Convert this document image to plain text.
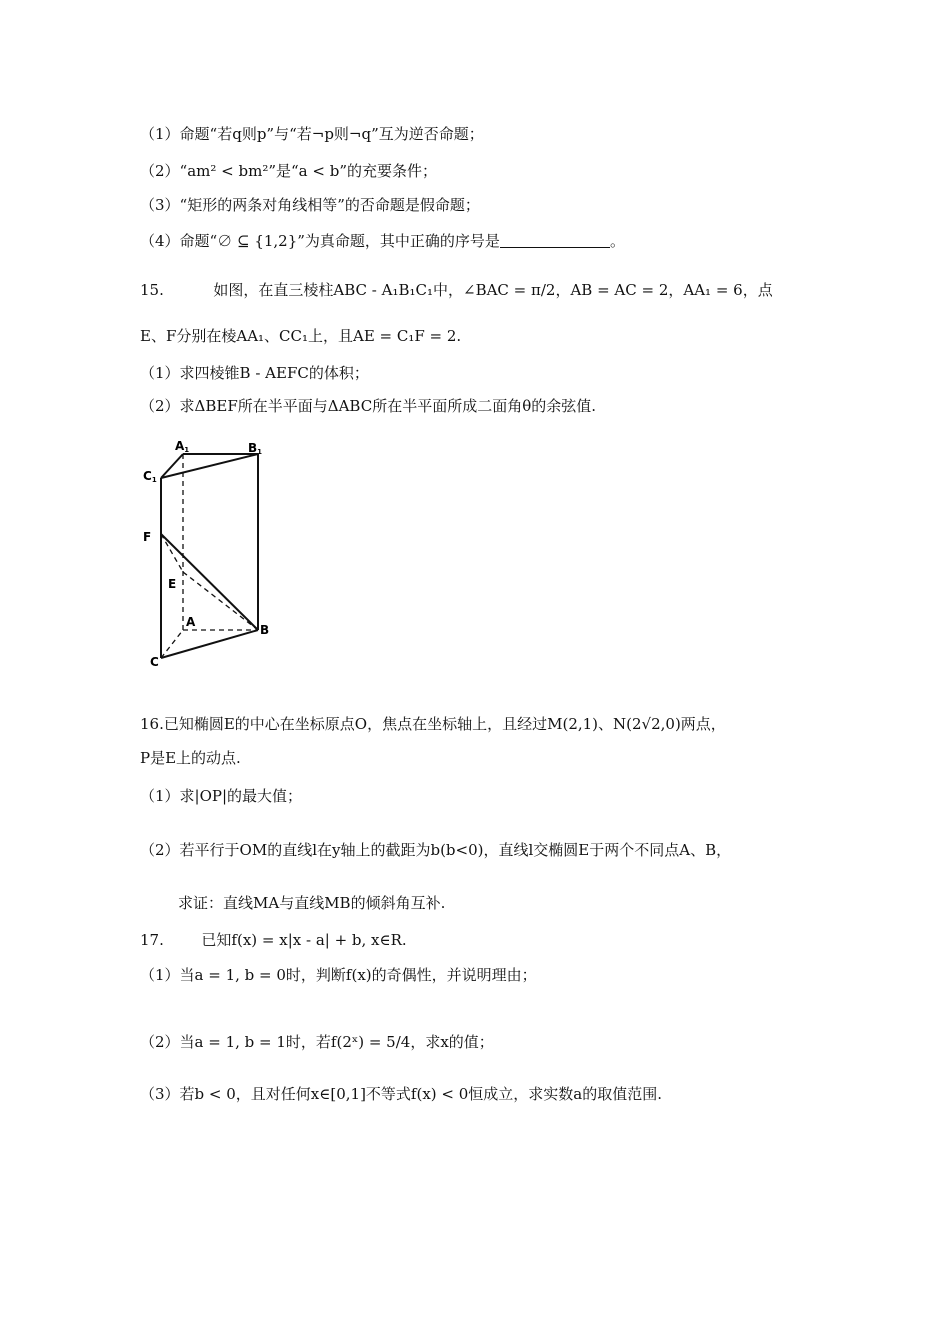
（1）命题“若q则p”与“若¬p则¬q”互为逆否命题；
（2）“am² < bm²”是“a < b”的充要条件；
（3）“矩形的两条对角线相等”的否命题是假命题；
（4）命题“∅ ⊆ {1,2}”为真命题，其中正确的序号是	。
15.	如图，在直三棱柱ABC - A₁B₁C₁中，∠BAC = π/2，AB = AC = 2，AA₁ = 6，点
E、F分别在棱AA₁、CC₁上，且AE = C₁F = 2.
（1）求四棱锥B - AEFC的体积；
（2）求ΔBEF所在半平面与ΔABC所在半平面所成二面角θ的余弦值.
A1	B1
C1
F
E
A
B
C
16.已知椭圆E的中心在坐标原点O，焦点在坐标轴上，且经过M(2,1)、N(2√2,0)两点，
P是E上的动点.
（1）求|OP|的最大值；
（2）若平行于OM的直线l在y轴上的截距为b(b<0)，直线l交椭圆E于两个不同点A、B，
求证：直线MA与直线MB的倾斜角互补.
17.	已知f(x) = x|x - a| + b, x∈R.
（1）当a = 1, b = 0时，判断f(x)的奇偶性，并说明理由；
（2）当a = 1, b = 1时，若f(2ˣ) = 5/4，求x的值；
（3）若b < 0，且对任何x∈[0,1]不等式f(x) < 0恒成立，求实数a的取值范围.
